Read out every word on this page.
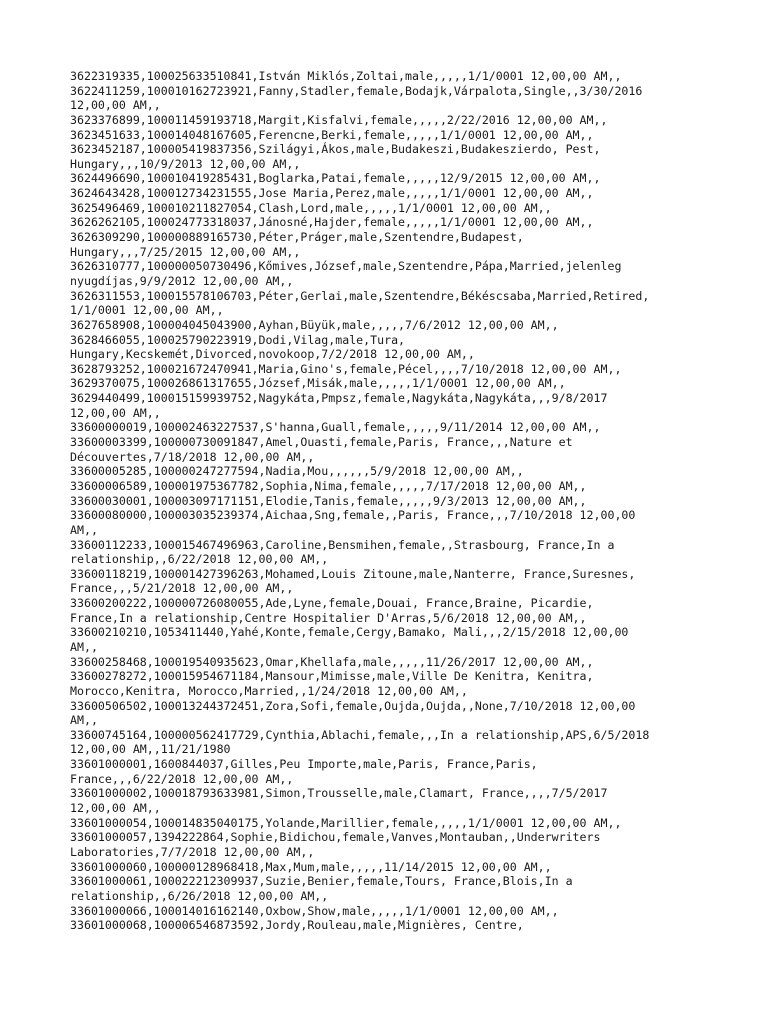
3622319335,100025633510841,István Miklós,Zoltai,male,,,,,1/1/0001 12,00,00 AM,,
3622411259,100010162723921,Fanny,Stadler,female,Bodajk,Várpalota,Single,,3/30/2016
12,00,00 AM,,
3623376899,100011459193718,Margit,Kisfalvi,female,,,,,2/22/2016 12,00,00 AM,,
3623451633,100014048167605,Ferencne,Berki,female,,,,,1/1/0001 12,00,00 AM,,
3623452187,100005419837356,Szilágyi,Ákos,male,Budakeszi,Budakeszierdo, Pest,
Hungary,,,10/9/2013 12,00,00 AM,,
3624496690,100010419285431,Boglarka,Patai,female,,,,,12/9/2015 12,00,00 AM,,
3624643428,100012734231555,Jose Maria,Perez,male,,,,,1/1/0001 12,00,00 AM,,
3625496469,100010211827054,Clash,Lord,male,,,,,1/1/0001 12,00,00 AM,,
3626262105,100024773318037,Jánosné,Hajder,female,,,,,1/1/0001 12,00,00 AM,,
3626309290,100000889165730,Péter,Práger,male,Szentendre,Budapest,
Hungary,,,7/25/2015 12,00,00 AM,,
3626310777,100000050730496,Kőmives,József,male,Szentendre,Pápa,Married,jelenleg
nyugdíjas,9/9/2012 12,00,00 AM,,
3626311553,100015578106703,Péter,Gerlai,male,Szentendre,Békéscsaba,Married,Retired,
1/1/0001 12,00,00 AM,,
3627658908,100004045043900,Ayhan,Büyük,male,,,,,7/6/2012 12,00,00 AM,,
3628466055,100025790223919,Dodi,Vilag,male,Tura,
Hungary,Kecskemét,Divorced,novokoop,7/2/2018 12,00,00 AM,,
3628793252,100021672470941,Maria,Gino's,female,Pécel,,,,7/10/2018 12,00,00 AM,,
3629370075,100026861317655,József,Misák,male,,,,,1/1/0001 12,00,00 AM,,
3629440499,100015159939752,Nagykáta,Pmpsz,female,Nagykáta,Nagykáta,,,9/8/2017
12,00,00 AM,,
33600000019,100002463227537,S'hanna,Guall,female,,,,,9/11/2014 12,00,00 AM,,
33600003399,100000730091847,Amel,Ouasti,female,Paris, France,,,Nature et
Découvertes,7/18/2018 12,00,00 AM,,
33600005285,100000247277594,Nadia,Mou,,,,,,5/9/2018 12,00,00 AM,,
33600006589,100001975367782,Sophia,Nima,female,,,,,7/17/2018 12,00,00 AM,,
33600030001,100003097171151,Elodie,Tanis,female,,,,,9/3/2013 12,00,00 AM,,
33600080000,100003035239374,Aichaa,Sng,female,,Paris, France,,,7/10/2018 12,00,00
AM,,
33600112233,100015467496963,Caroline,Bensmihen,female,,Strasbourg, France,In a
relationship,,6/22/2018 12,00,00 AM,,
33600118219,100001427396263,Mohamed,Louis Zitoune,male,Nanterre, France,Suresnes,
France,,,5/21/2018 12,00,00 AM,,
33600200222,100000726080055,Ade,Lyne,female,Douai, France,Braine, Picardie,
France,In a relationship,Centre Hospitalier D'Arras,5/6/2018 12,00,00 AM,,
33600210210,1053411440,Yahé,Konte,female,Cergy,Bamako, Mali,,,2/15/2018 12,00,00
AM,,
33600258468,100019540935623,Omar,Khellafa,male,,,,,11/26/2017 12,00,00 AM,,
33600278272,100015954671184,Mansour,Mimisse,male,Ville De Kenitra, Kenitra,
Morocco,Kenitra, Morocco,Married,,1/24/2018 12,00,00 AM,,
33600506502,100013244372451,Zora,Sofi,female,Oujda,Oujda,,None,7/10/2018 12,00,00
AM,,
33600745164,100000562417729,Cynthia,Ablachi,female,,,In a relationship,APS,6/5/2018
12,00,00 AM,,11/21/1980
33601000001,1600844037,Gilles,Peu Importe,male,Paris, France,Paris,
France,,,6/22/2018 12,00,00 AM,,
33601000002,100018793633981,Simon,Trousselle,male,Clamart, France,,,,7/5/2017
12,00,00 AM,,
33601000054,100014835040175,Yolande,Marillier,female,,,,,1/1/0001 12,00,00 AM,,
33601000057,1394222864,Sophie,Bidichou,female,Vanves,Montauban,,Underwriters
Laboratories,7/7/2018 12,00,00 AM,,
33601000060,100000128968418,Max,Mum,male,,,,,11/14/2015 12,00,00 AM,,
33601000061,100022212309937,Suzie,Benier,female,Tours, France,Blois,In a
relationship,,6/26/2018 12,00,00 AM,,
33601000066,100014016162140,Oxbow,Show,male,,,,,1/1/0001 12,00,00 AM,,
33601000068,100006546873592,Jordy,Rouleau,male,Mignières, Centre,
